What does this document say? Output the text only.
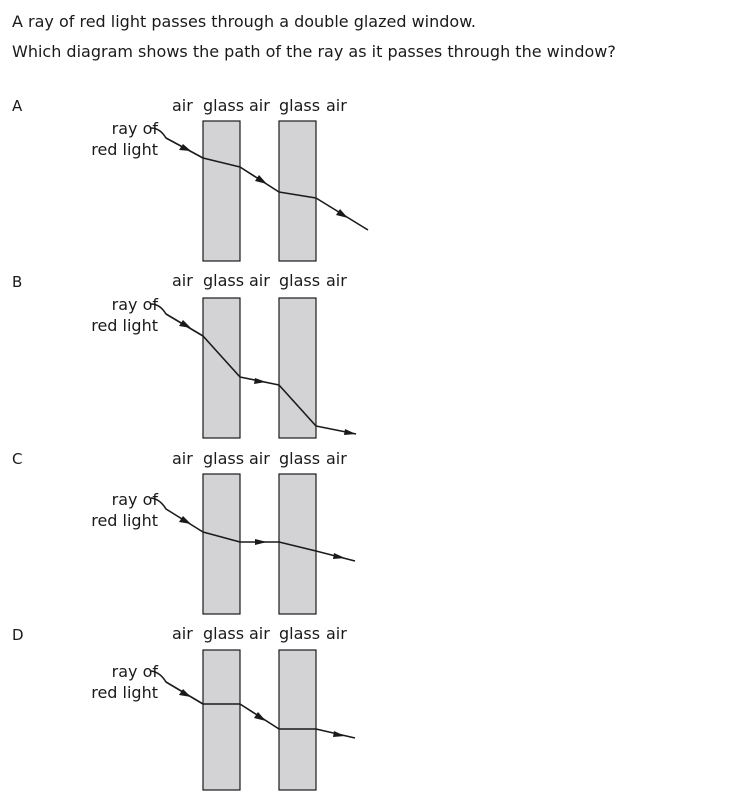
A ray of red light passes through a double glazed window.
Which diagram shows the path of the ray as it passes through the window?
A	air glass air glass air
ray of
red light
B	air glass air glass air
ray of
red light
C	air glass air glass air
ray of
red light
D	air glass air glass air
ray of
red light
